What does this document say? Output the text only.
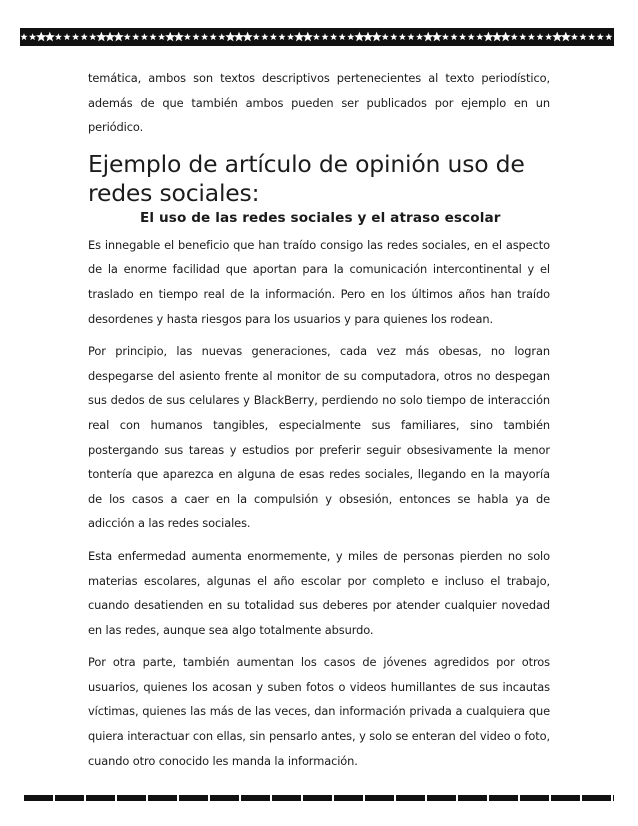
temática, ambos son textos descriptivos pertenecientes al texto periodístico, además de que también ambos pueden ser publicados por ejemplo en un periódico.

Ejemplo de artículo de opinión uso de redes sociales:
El uso de las redes sociales y el atraso escolar

Es innegable el beneficio que han traído consigo las redes sociales, en el aspecto de la enorme facilidad que aportan para la comunicación intercontinental y el traslado en tiempo real de la información. Pero en los últimos años han traído desordenes y hasta riesgos para los usuarios y para quienes los rodean.

Por principio, las nuevas generaciones, cada vez más obesas, no logran despegarse del asiento frente al monitor de su computadora, otros no despegan sus dedos de sus celulares y BlackBerry, perdiendo no solo tiempo de interacción real con humanos tangibles, especialmente sus familiares, sino también postergando sus tareas y estudios por preferir seguir obsesivamente la menor tontería que aparezca en alguna de esas redes sociales, llegando en la mayoría de los casos a caer en la compulsión y obsesión, entonces se habla ya de adicción a las redes sociales.

Esta enfermedad aumenta enormemente, y miles de personas pierden no solo materias escolares, algunas el año escolar por completo e incluso el trabajo, cuando desatienden en su totalidad sus deberes por atender cualquier novedad en las redes, aunque sea algo totalmente absurdo.

Por otra parte, también aumentan los casos de jóvenes agredidos por otros usuarios, quienes los acosan y suben fotos o videos humillantes de sus incautas víctimas, quienes las más de las veces, dan información privada a cualquiera que quiera interactuar con ellas, sin pensarlo antes, y solo se enteran del video o foto, cuando otro conocido les manda la información.
